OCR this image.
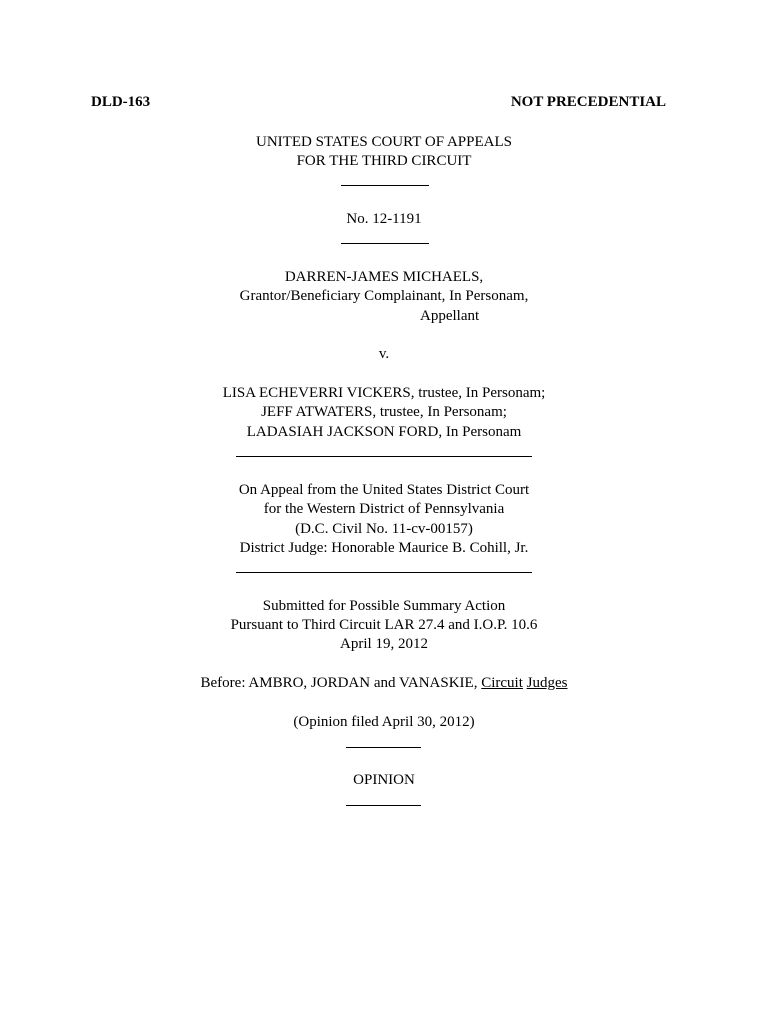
DLD-163	NOT PRECEDENTIAL
UNITED STATES COURT OF APPEALS
FOR THE THIRD CIRCUIT
No. 12-1191
DARREN-JAMES MICHAELS,
Grantor/Beneficiary Complainant, In Personam,
Appellant
v.
LISA ECHEVERRI VICKERS, trustee, In Personam;
JEFF ATWATERS, trustee, In Personam;
LADASIAH JACKSON FORD, In Personam
On Appeal from the United States District Court
for the Western District of Pennsylvania
(D.C. Civil No. 11-cv-00157)
District Judge: Honorable Maurice B. Cohill, Jr.
Submitted for Possible Summary Action
Pursuant to Third Circuit LAR 27.4 and I.O.P. 10.6
April 19, 2012
Before: AMBRO, JORDAN and VANASKIE, Circuit Judges
(Opinion filed April 30, 2012)
OPINION
